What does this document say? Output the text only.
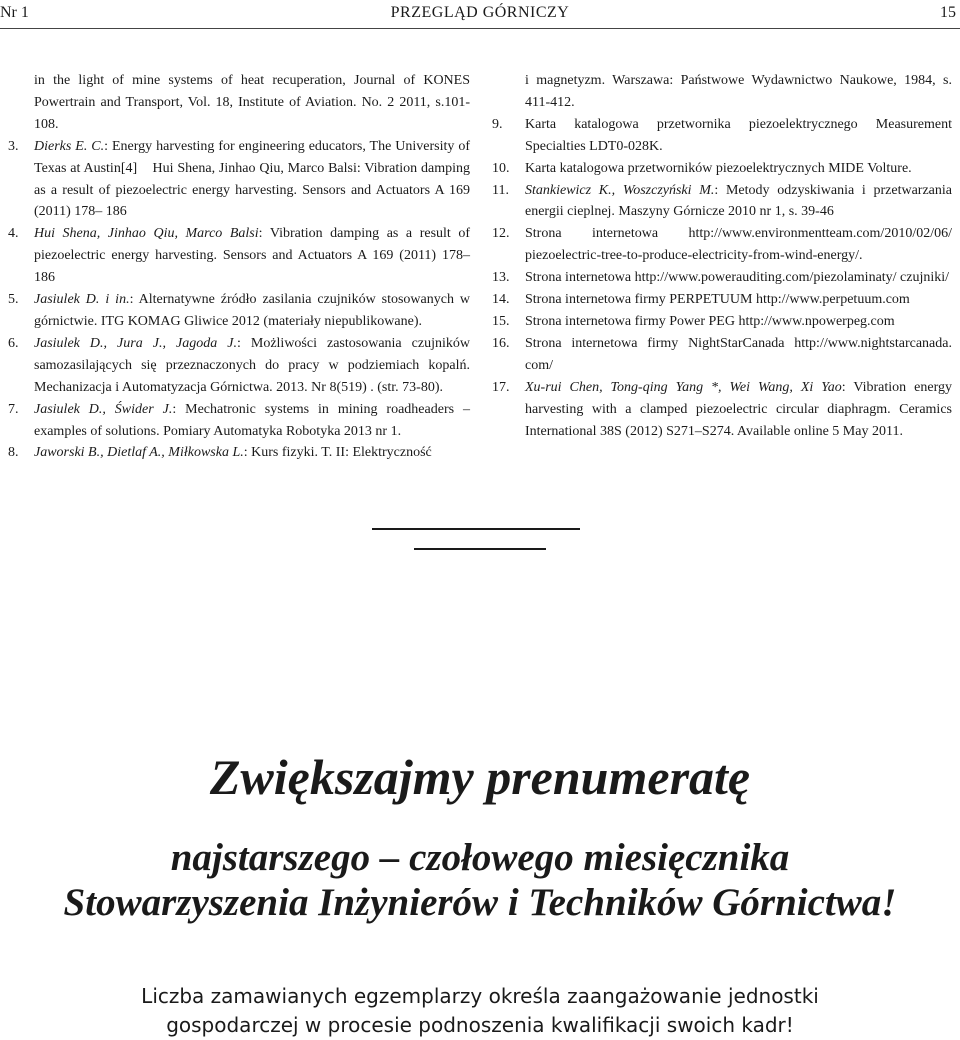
Nr 1	PRZEGLĄD GÓRNICZY	15
in the light of mine systems of heat recuperation, Journal of KONES Powertrain and Transport, Vol. 18, Institute of Aviation. No. 2 2011, s.101-108.
3. Dierks E. C.: Energy harvesting for engineering educators, The University of Texas at Austin[4]    Hui Shena, Jinhao Qiu, Marco Balsi: Vibration damping as a result of piezoelectric energy harvesting. Sensors and Actuators A 169 (2011) 178– 186
4. Hui Shena, Jinhao Qiu, Marco Balsi: Vibration damping as a result of piezoelectric energy harvesting. Sensors and Actuators A 169 (2011) 178– 186
5. Jasiulek D. i in.: Alternatywne źródło zasilania czujników stosowanych w górnictwie. ITG KOMAG Gliwice 2012 (materiały niepublikowane).
6. Jasiulek D., Jura J., Jagoda J.: Możliwości zastosowania czujników samozasilających się przeznaczonych do pracy w podziemiach kopalń. Mechanizacja i Automatyzacja Górnictwa. 2013. Nr 8(519) . (str. 73-80).
7. Jasiulek D., Świder J.: Mechatronic systems in mining roadheaders – examples of solutions. Pomiary Automatyka Robotyka 2013 nr 1.
8. Jaworski B., Dietlaf A., Miłkowska L.: Kurs fizyki. T. II: Elektryczność
i magnetyzm. Warszawa: Państwowe Wydawnictwo Naukowe, 1984, s. 411-412.
9. Karta katalogowa przetwornika piezoelektrycznego Measurement Specialties LDT0-028K.
10. Karta katalogowa przetworników piezoelektrycznych MIDE Volture.
11. Stankiewicz K., Woszczyński M.: Metody odzyskiwania i przetwarzania energii cieplnej. Maszyny Górnicze 2010 nr 1, s. 39-46
12. Strona internetowa http://www.environmentteam.com/2010/02/06/ piezoelectric-tree-to-produce-electricity-from-wind-energy/.
13. Strona internetowa http://www.powerauditing.com/piezolaminaty/ czujniki/
14. Strona internetowa firmy PERPETUUM http://www.perpetuum.com
15. Strona internetowa firmy Power PEG http://www.npowerpeg.com
16. Strona internetowa firmy NightStarCanada http://www.nightstarcanada. com/
17. Xu-rui Chen, Tong-qing Yang *, Wei Wang, Xi Yao: Vibration energy harvesting with a clamped piezoelectric circular diaphragm. Ceramics International 38S (2012) S271–S274. Available online 5 May 2011.
Zwiększajmy prenumeratę
najstarszego – czołowego miesięcznika
Stowarzyszenia Inżynierów i Techników Górnictwa!
Liczba zamawianych egzemplarzy określa zaangażowanie jednostki
gospodarczej w procesie podnoszenia kwalifikacji swoich kadr!
